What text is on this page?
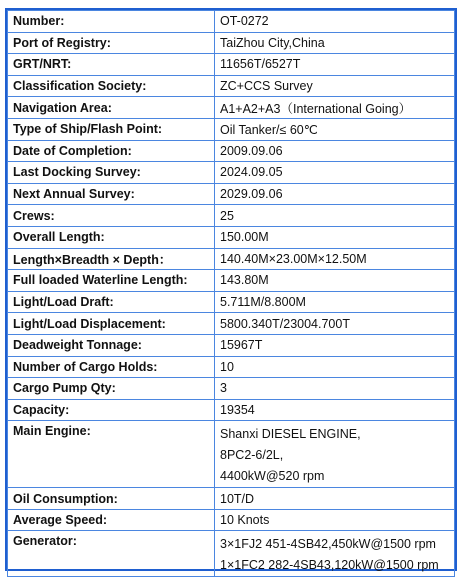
Number:	OT-0272
Port of Registry:	TaiZhou City,China
GRT/NRT:	11656T/6527T
Classification Society:	ZC+CCS Survey
Navigation Area:	A1+A2+A3（International Going）
Type of Ship/Flash Point:	Oil Tanker/≤ 60℃
Date of Completion:	2009.09.06
Last Docking Survey:	2024.09.05
Next Annual Survey:	2029.09.06
Crews:	25
Overall Length:	150.00M
Length×Breadth × Depth：	140.40M×23.00M×12.50M
Full loaded Waterline Length:	143.80M
Light/Load Draft:	5.711M/8.800M
Light/Load Displacement:	5800.340T/23004.700T
Deadweight Tonnage:	15967T
Number of Cargo Holds:	10
Cargo Pump Qty:	3
Capacity:	19354
Main Engine:	Shanxi DIESEL ENGINE,
8PC2-6/2L,
4400kW@520 rpm

Oil Consumption:	10T/D
Average Speed:	10 Knots
Generator:	3×1FJ2 451-4SB42,450kW@1500 rpm
1×1FC2 282-4SB43,120kW@1500 rpm
